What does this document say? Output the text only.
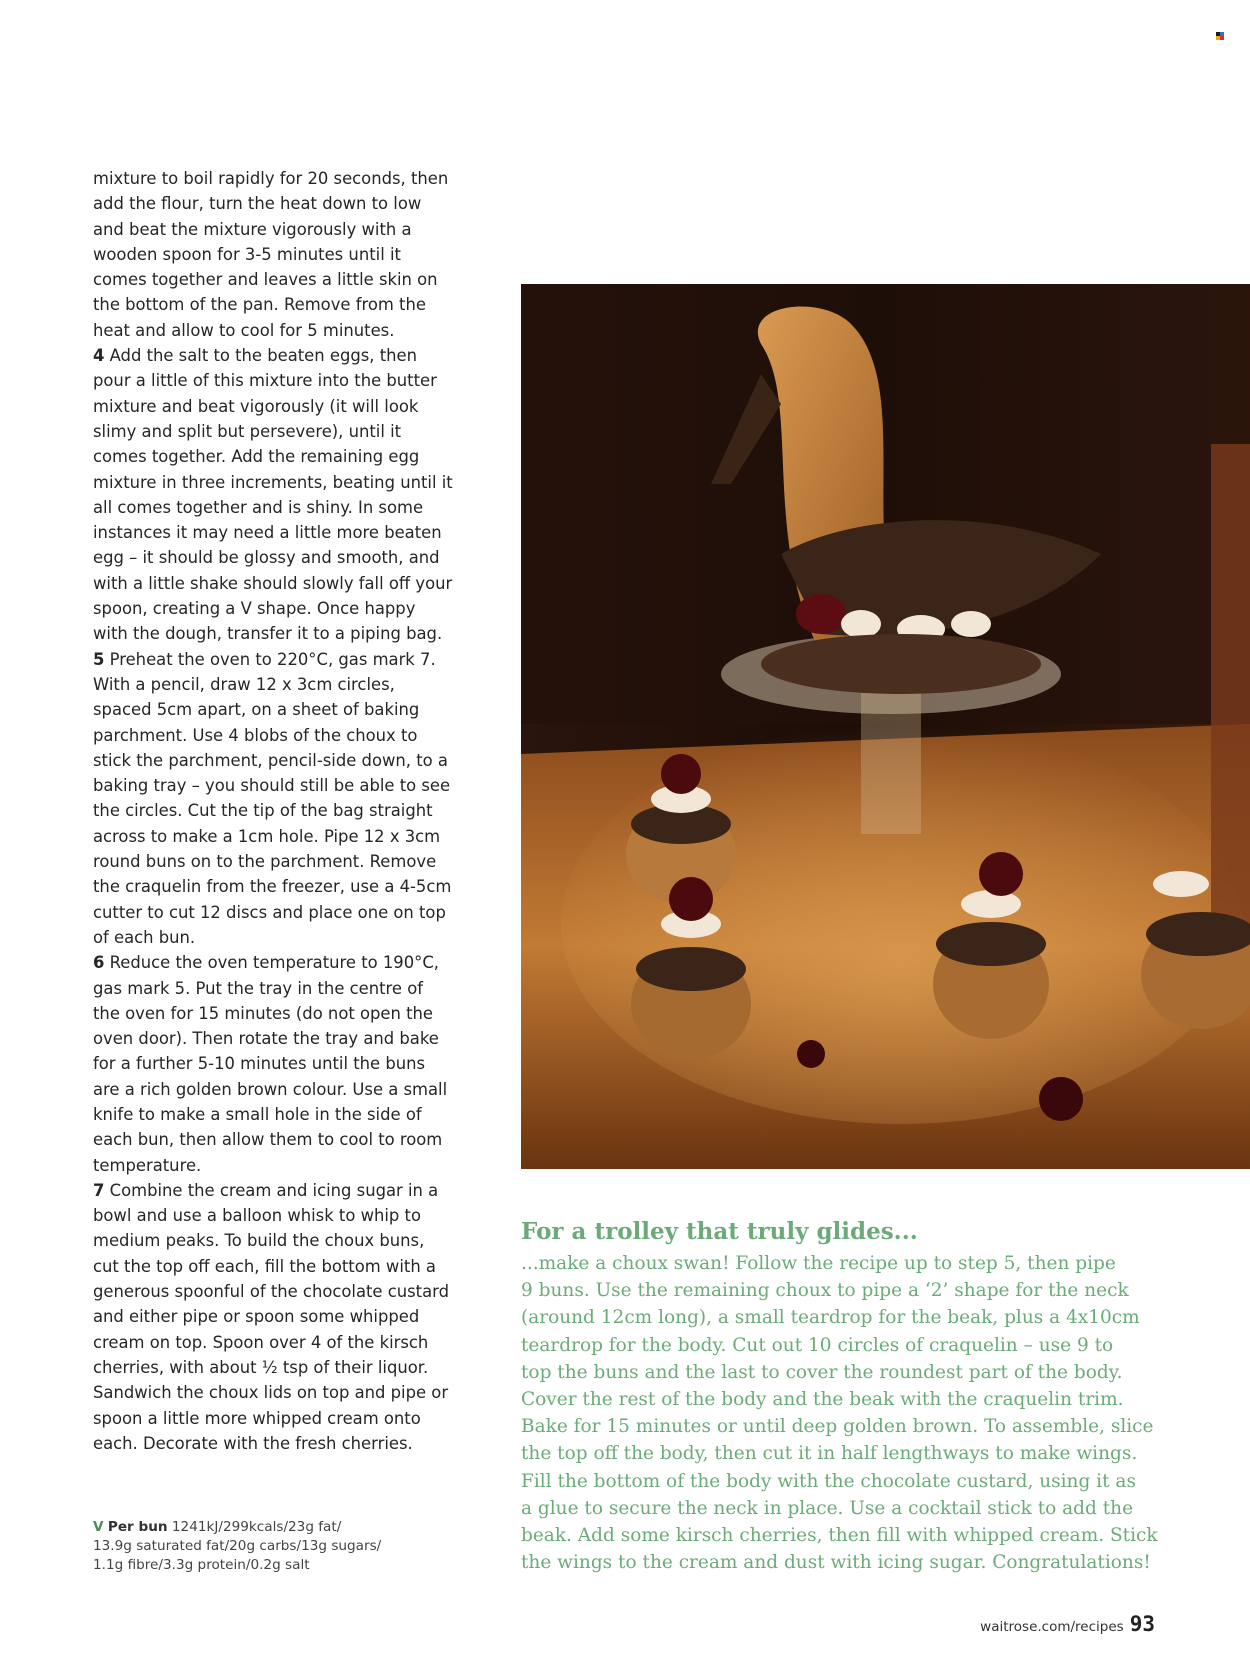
mixture to boil rapidly for 20 seconds, then add the flour, turn the heat down to low and beat the mixture vigorously with a wooden spoon for 3-5 minutes until it comes together and leaves a little skin on the bottom of the pan. Remove from the heat and allow to cool for 5 minutes.
4 Add the salt to the beaten eggs, then pour a little of this mixture into the butter mixture and beat vigorously (it will look slimy and split but persevere), until it comes together. Add the remaining egg mixture in three increments, beating until it all comes together and is shiny. In some instances it may need a little more beaten egg – it should be glossy and smooth, and with a little shake should slowly fall off your spoon, creating a V shape. Once happy with the dough, transfer it to a piping bag.
5 Preheat the oven to 220°C, gas mark 7. With a pencil, draw 12 x 3cm circles, spaced 5cm apart, on a sheet of baking parchment. Use 4 blobs of the choux to stick the parchment, pencil-side down, to a baking tray – you should still be able to see the circles. Cut the tip of the bag straight across to make a 1cm hole. Pipe 12 x 3cm round buns on to the parchment. Remove the craquelin from the freezer, use a 4-5cm cutter to cut 12 discs and place one on top of each bun.
6 Reduce the oven temperature to 190°C, gas mark 5. Put the tray in the centre of the oven for 15 minutes (do not open the oven door). Then rotate the tray and bake for a further 5-10 minutes until the buns are a rich golden brown colour. Use a small knife to make a small hole in the side of each bun, then allow them to cool to room temperature.
7 Combine the cream and icing sugar in a bowl and use a balloon whisk to whip to medium peaks. To build the choux buns, cut the top off each, fill the bottom with a generous spoonful of the chocolate custard and either pipe or spoon some whipped cream on top. Spoon over 4 of the kirsch cherries, with about ½ tsp of their liquor. Sandwich the choux lids on top and pipe or spoon a little more whipped cream onto each. Decorate with the fresh cherries.
V Per bun 1241kJ/299kcals/23g fat/
13.9g saturated fat/20g carbs/13g sugars/
1.1g fibre/3.3g protein/0.2g salt
For a trolley that truly glides...
...make a choux swan! Follow the recipe up to step 5, then pipe
9 buns. Use the remaining choux to pipe a ‘2’ shape for the neck
(around 12cm long), a small teardrop for the beak, plus a 4x10cm
teardrop for the body. Cut out 10 circles of craquelin – use 9 to
top the buns and the last to cover the roundest part of the body.
Cover the rest of the body and the beak with the craquelin trim.
Bake for 15 minutes or until deep golden brown. To assemble, slice
the top off the body, then cut it in half lengthways to make wings.
Fill the bottom of the body with the chocolate custard, using it as
a glue to secure the neck in place. Use a cocktail stick to add the
beak. Add some kirsch cherries, then fill with whipped cream. Stick
the wings to the cream and dust with icing sugar. Congratulations!
waitrose.com/recipes 93
